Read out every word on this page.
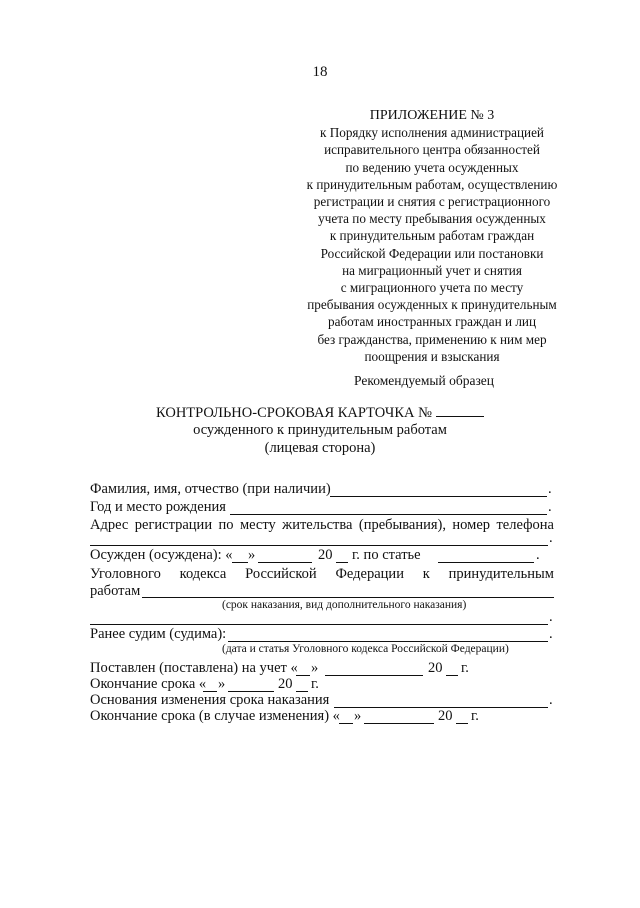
18
ПРИЛОЖЕНИЕ № 3
к Порядку исполнения администрацией
исправительного центра обязанностей
по ведению учета осужденных
к принудительным работам, осуществлению
регистрации и снятия с регистрационного
учета по месту пребывания осужденных
к принудительным работам граждан
Российской Федерации или постановки
на миграционный учет и снятия
с миграционного учета по месту
пребывания осужденных к принудительным
работам иностранных граждан и лиц
без гражданства, применению к ним мер
поощрения и взыскания
Рекомендуемый образец
КОНТРОЛЬНО-СРОКОВАЯ КАРТОЧКА №
осужденного к принудительным работам
(лицевая сторона)
Фамилия, имя, отчество (при наличии)	.
Год и место рождения	.
Адрес регистрации по месту жительства (пребывания), номер телефона
.
Осужден (осуждена): « »	20 г. по статье	.
Уголовного кодекса Российской Федерации к принудительным
работам
(срок наказания, вид дополнительного наказания)
.
Ранее судим (судима):	.
(дата и статья Уголовного кодекса Российской Федерации)
Поставлен (поставлена) на учет « »	20 г.
Окончание срока « »	20 г.
Основания изменения срока наказания	.
Окончание срока (в случае изменения) « »	20 г.
